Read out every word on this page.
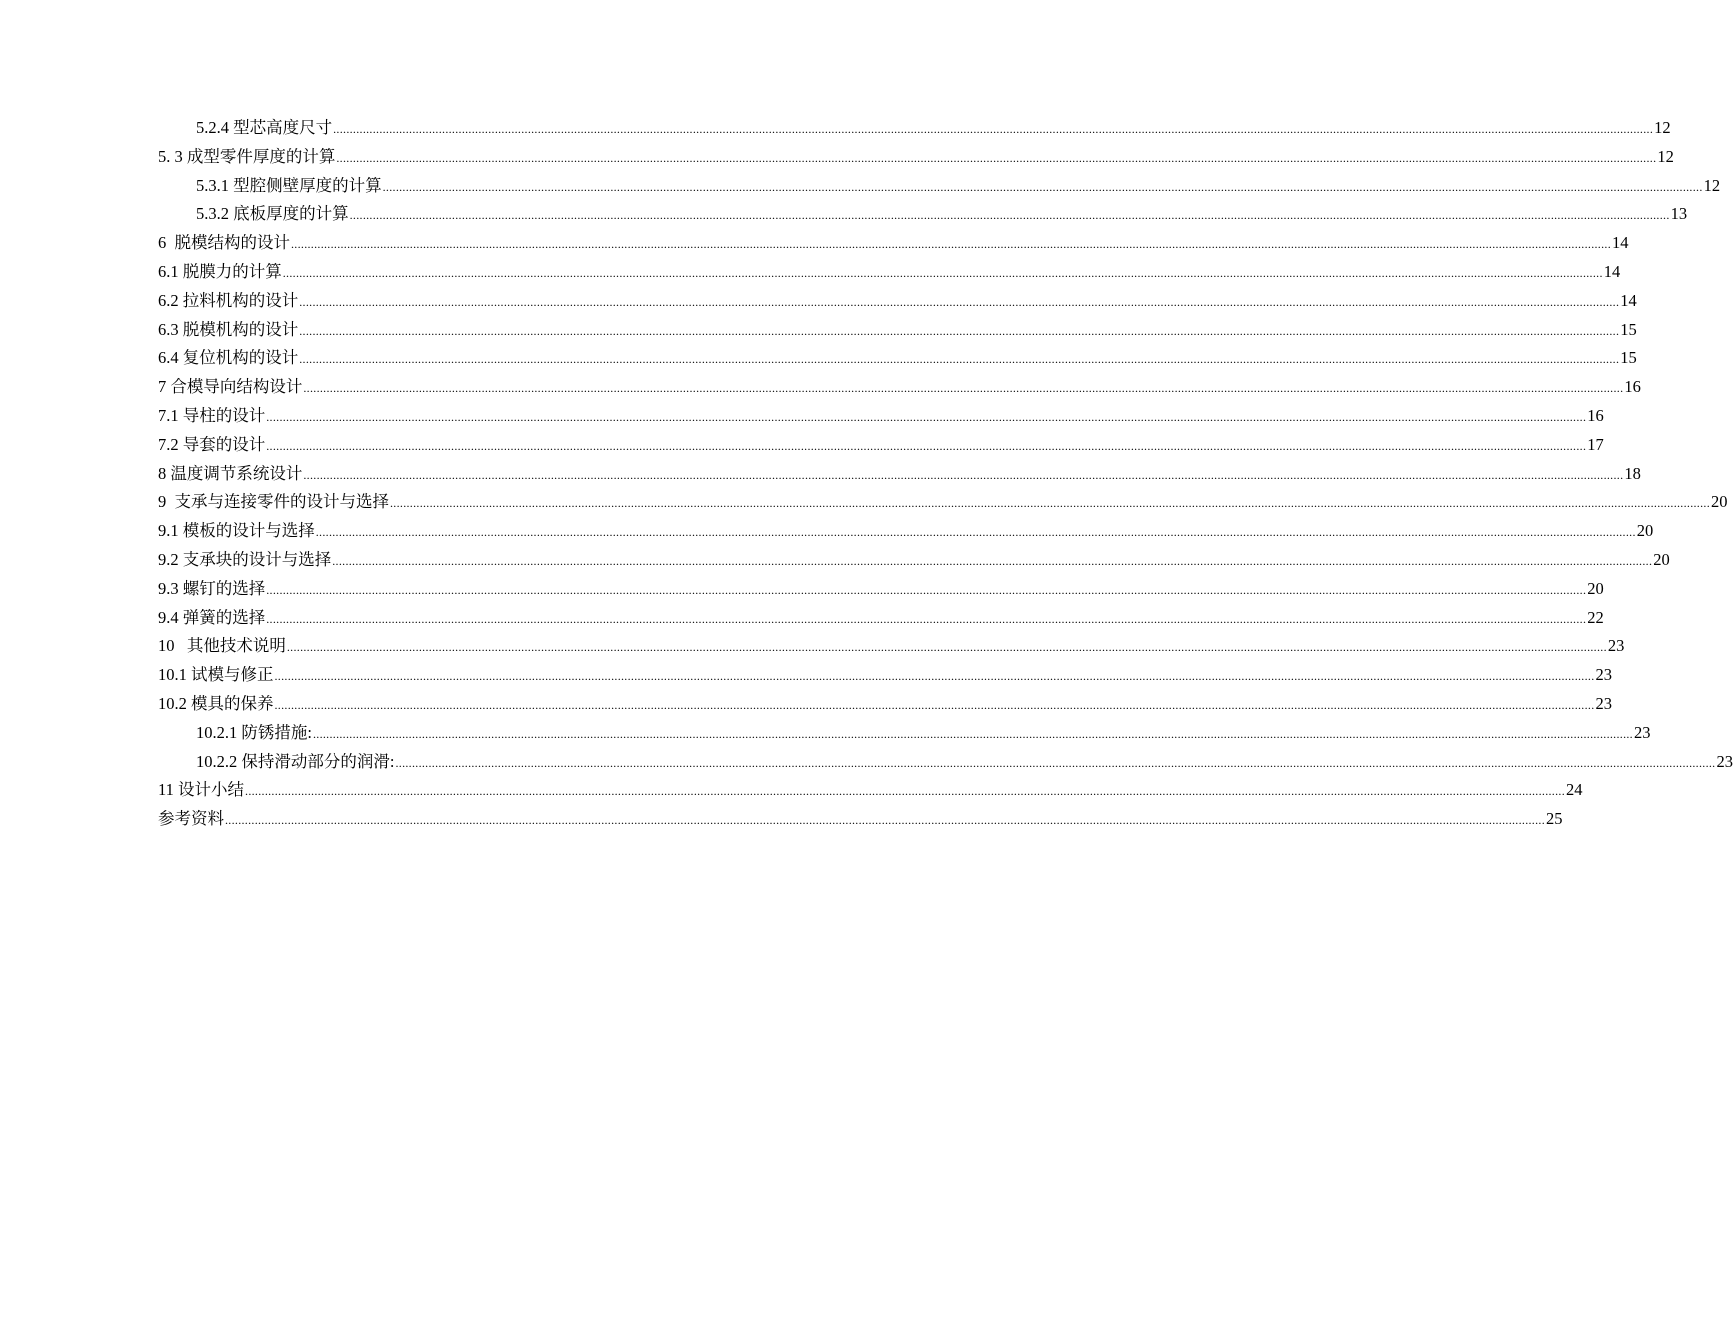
5.2.4 型芯高度尺寸 ................................................................................................................................................................................................................................................................................................................................................................................................................ 12
5. 3 成型零件厚度的计算 ................................................................................................................................................................................................................................................................................................................................................................................................................ 12
5.3.1 型腔侧壁厚度的计算 ................................................................................................................................................................................................................................................................................................................................................................................................................ 12
5.3.2 底板厚度的计算 ................................................................................................................................................................................................................................................................................................................................................................................................................ 13
6  脱模结构的设计 ................................................................................................................................................................................................................................................................................................................................................................................................................ 14
6.1 脱膜力的计算 ................................................................................................................................................................................................................................................................................................................................................................................................................ 14
6.2 拉料机构的设计 ................................................................................................................................................................................................................................................................................................................................................................................................................ 14
6.3 脱模机构的设计 ................................................................................................................................................................................................................................................................................................................................................................................................................ 15
6.4 复位机构的设计 ................................................................................................................................................................................................................................................................................................................................................................................................................ 15
7 合模导向结构设计 ................................................................................................................................................................................................................................................................................................................................................................................................................ 16
7.1 导柱的设计 ................................................................................................................................................................................................................................................................................................................................................................................................................ 16
7.2 导套的设计 ................................................................................................................................................................................................................................................................................................................................................................................................................ 17
8 温度调节系统设计 ................................................................................................................................................................................................................................................................................................................................................................................................................ 18
9  支承与连接零件的设计与选择 ................................................................................................................................................................................................................................................................................................................................................................................................................ 20
9.1 模板的设计与选择 ................................................................................................................................................................................................................................................................................................................................................................................................................ 20
9.2 支承块的设计与选择 ................................................................................................................................................................................................................................................................................................................................................................................................................ 20
9.3 螺钉的选择 ................................................................................................................................................................................................................................................................................................................................................................................................................ 20
9.4 弹簧的选择 ................................................................................................................................................................................................................................................................................................................................................................................................................ 22
10   其他技术说明 ................................................................................................................................................................................................................................................................................................................................................................................................................ 23
10.1 试模与修正 ................................................................................................................................................................................................................................................................................................................................................................................................................ 23
10.2 模具的保养 ................................................................................................................................................................................................................................................................................................................................................................................................................ 23
10.2.1 防锈措施: ................................................................................................................................................................................................................................................................................................................................................................................................................ 23
10.2.2 保持滑动部分的润滑: ................................................................................................................................................................................................................................................................................................................................................................................................................ 23
11 设计小结 ................................................................................................................................................................................................................................................................................................................................................................................................................ 24
参考资料 ................................................................................................................................................................................................................................................................................................................................................................................................................ 25
